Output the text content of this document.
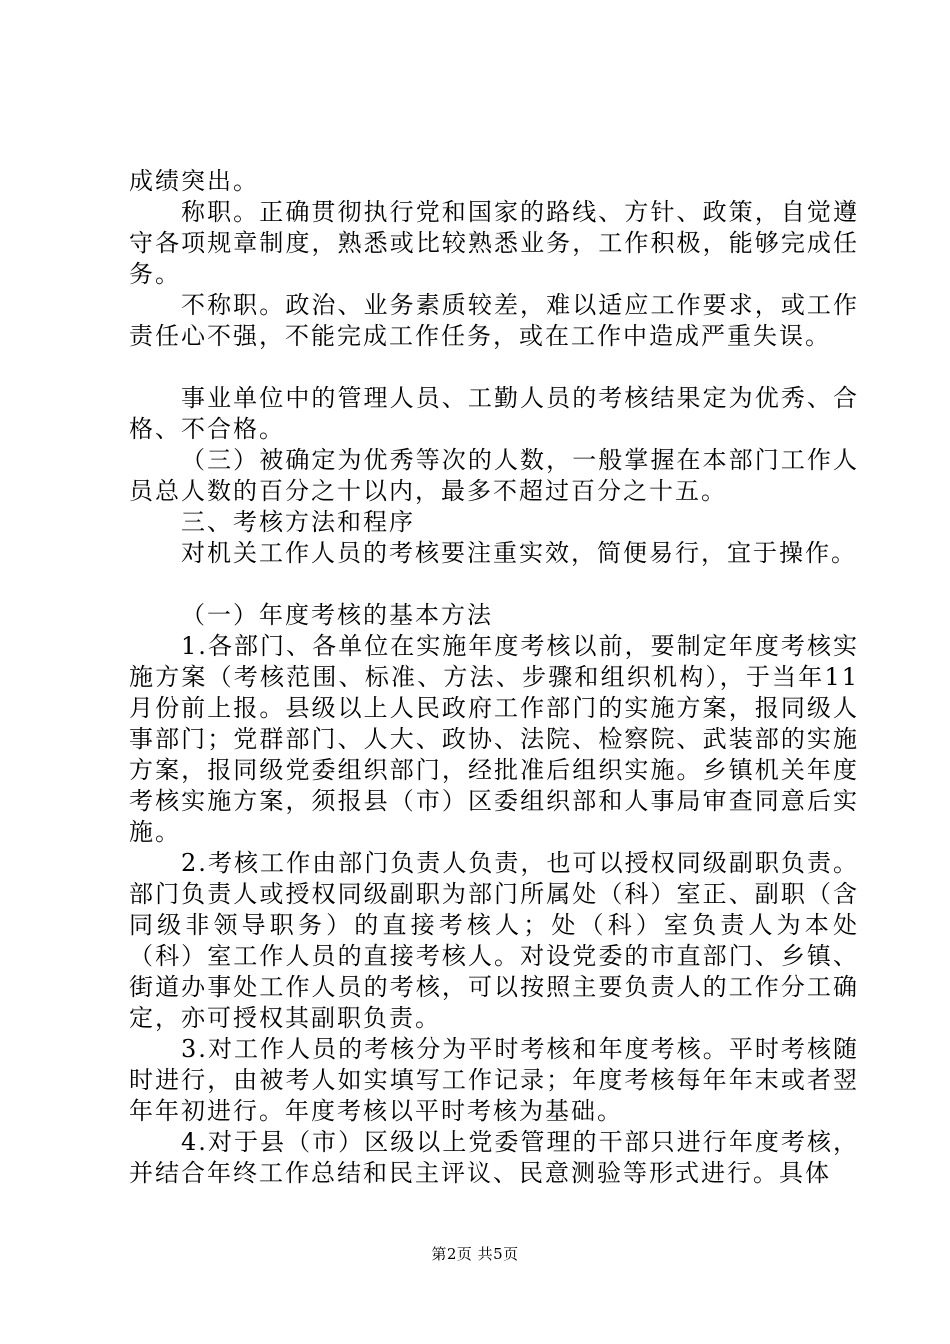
成绩突出。

称职。正确贯彻执行党和国家的路线、方针、政策，自觉遵守各项规章制度，熟悉或比较熟悉业务，工作积极，能够完成任务。

不称职。政治、业务素质较差，难以适应工作要求，或工作责任心不强，不能完成工作任务，或在工作中造成严重失误。

事业单位中的管理人员、工勤人员的考核结果定为优秀、合格、不合格。

（三）被确定为优秀等次的人数，一般掌握在本部门工作人员总人数的百分之十以内，最多不超过百分之十五。

三、考核方法和程序

对机关工作人员的考核要注重实效，简便易行，宜于操作。

（一）年度考核的基本方法

1.各部门、各单位在实施年度考核以前，要制定年度考核实施方案（考核范围、标准、方法、步骤和组织机构），于当年11月份前上报。县级以上人民政府工作部门的实施方案，报同级人事部门；党群部门、人大、政协、法院、检察院、武装部的实施方案，报同级党委组织部门，经批准后组织实施。乡镇机关年度考核实施方案，须报县（市）区委组织部和人事局审查同意后实施。

2.考核工作由部门负责人负责，也可以授权同级副职负责。部门负责人或授权同级副职为部门所属处（科）室正、副职（含同级非领导职务）的直接考核人；处（科）室负责人为本处（科）室工作人员的直接考核人。对设党委的市直部门、乡镇、街道办事处工作人员的考核，可以按照主要负责人的工作分工确定，亦可授权其副职负责。

3.对工作人员的考核分为平时考核和年度考核。平时考核随时进行，由被考人如实填写工作记录；年度考核每年年末或者翌年年初进行。年度考核以平时考核为基础。

4.对于县（市）区级以上党委管理的干部只进行年度考核，并结合年终工作总结和民主评议、民意测验等形式进行。具体

第2页 共5页
